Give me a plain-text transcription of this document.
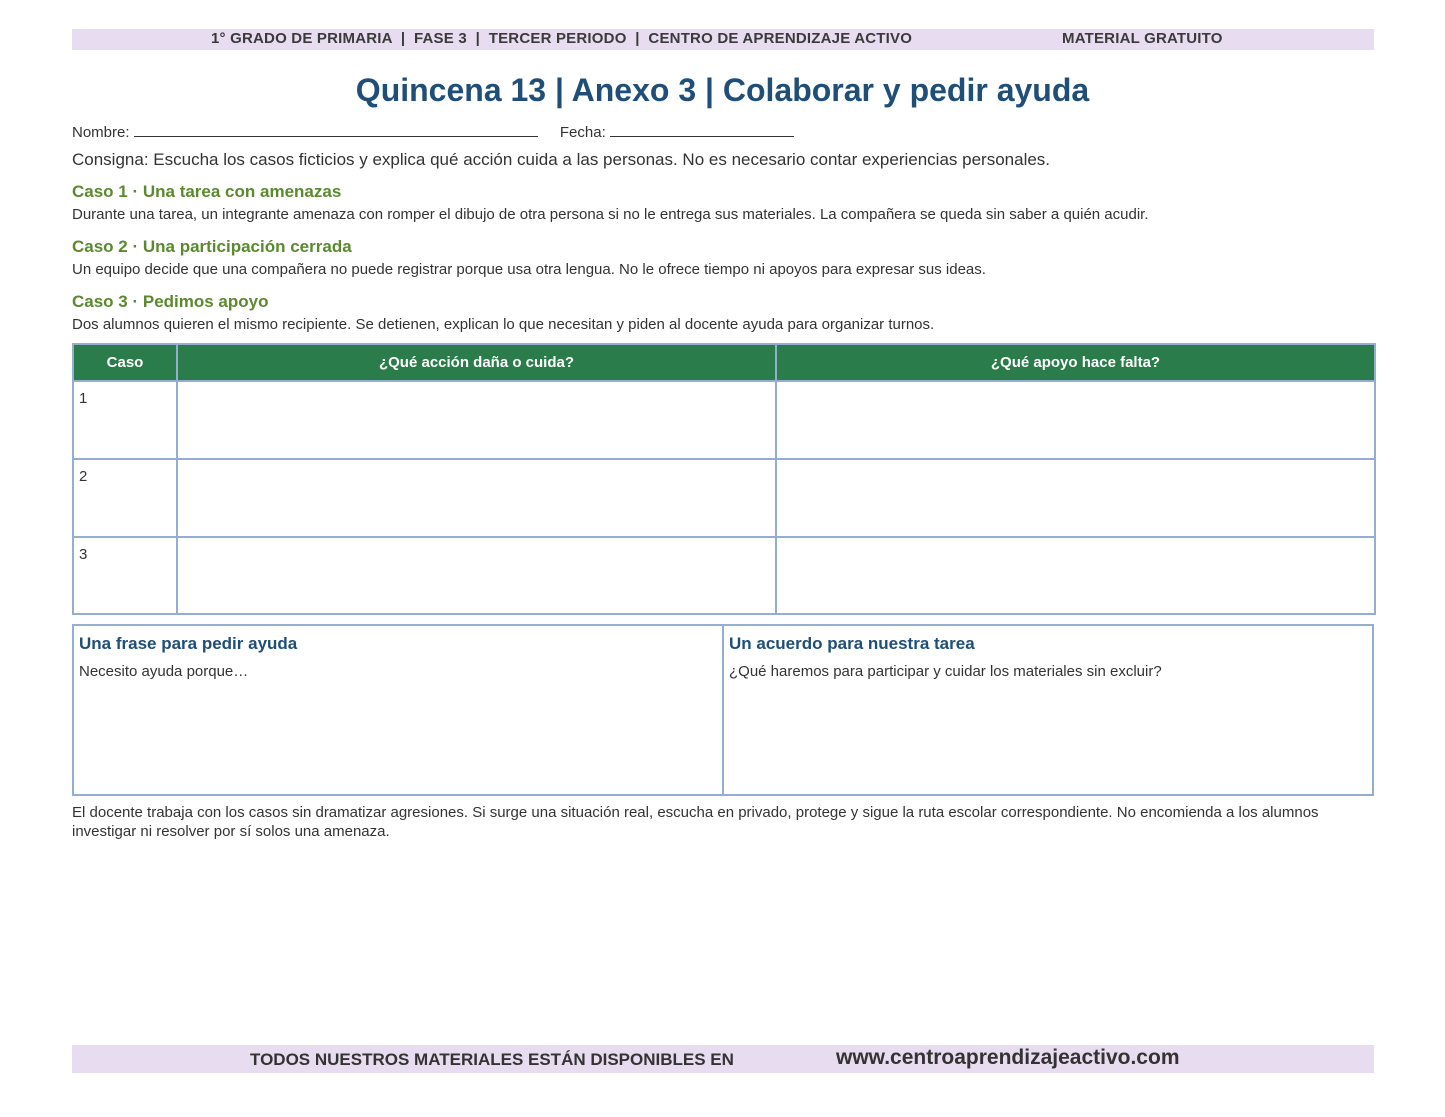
1° GRADO DE PRIMARIA  |  FASE 3  |  TERCER PERIODO  |  CENTRO DE APRENDIZAJE ACTIVO	MATERIAL GRATUITO
Quincena 13 | Anexo 3 | Colaborar y pedir ayuda
Nombre:	Fecha:
Consigna: Escucha los casos ficticios y explica qué acción cuida a las personas. No es necesario contar experiencias personales.
Caso 1 · Una tarea con amenazas
Durante una tarea, un integrante amenaza con romper el dibujo de otra persona si no le entrega sus materiales. La compañera se queda sin saber a quién acudir.
Caso 2 · Una participación cerrada
Un equipo decide que una compañera no puede registrar porque usa otra lengua. No le ofrece tiempo ni apoyos para expresar sus ideas.
Caso 3 · Pedimos apoyo
Dos alumnos quieren el mismo recipiente. Se detienen, explican lo que necesitan y piden al docente ayuda para organizar turnos.
Caso	¿Qué acción daña o cuida?	¿Qué apoyo hace falta?
1		
2		
3		
Una frase para pedir ayuda
Necesito ayuda porque…
Un acuerdo para nuestra tarea
¿Qué haremos para participar y cuidar los materiales sin excluir?
El docente trabaja con los casos sin dramatizar agresiones. Si surge una situación real, escucha en privado, protege y sigue la ruta escolar correspondiente. No encomienda a los alumnos investigar ni resolver por sí solos una amenaza.
TODOS NUESTROS MATERIALES ESTÁN DISPONIBLES EN	www.centroaprendizajeactivo.com
